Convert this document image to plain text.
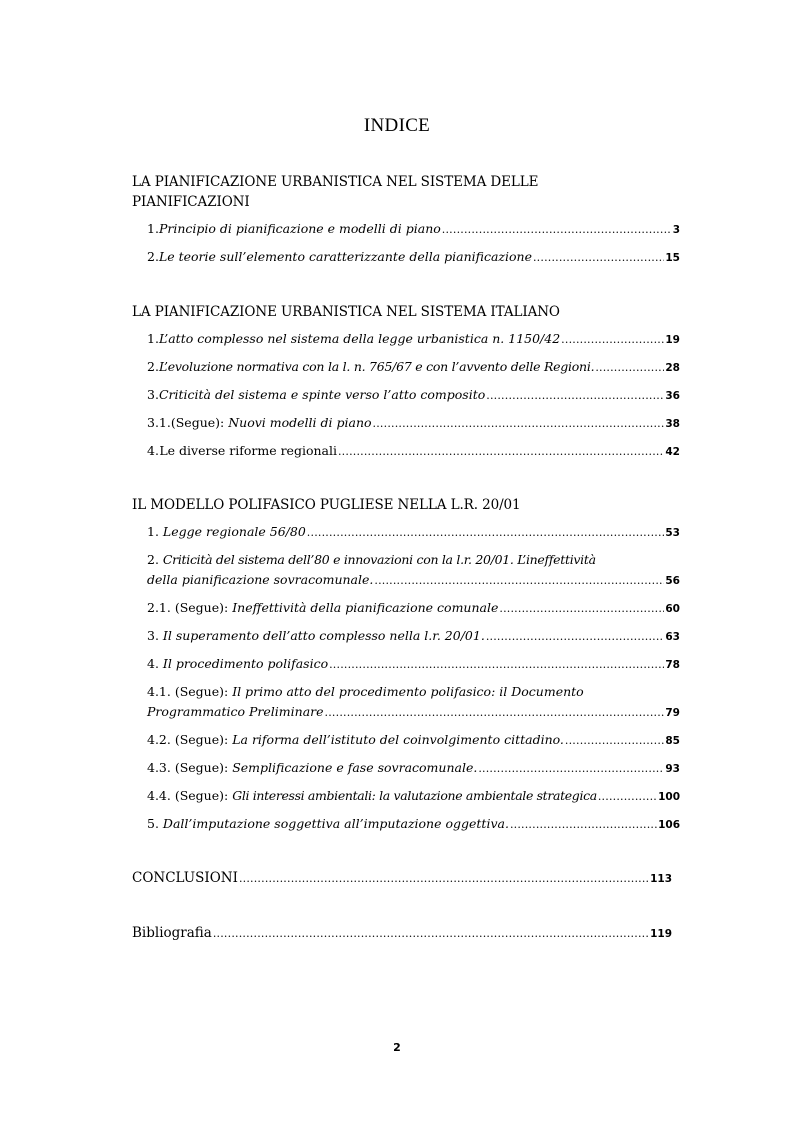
INDICE
LA PIANIFICAZIONE URBANISTICA NEL SISTEMA DELLE
PIANIFICAZIONI
1. Principio di pianificazione e modelli di piano .....	3
2. Le teorie sull’elemento caratterizzante della pianificazione .....	15
LA PIANIFICAZIONE URBANISTICA NEL SISTEMA ITALIANO
1. L’atto complesso nel sistema della legge urbanistica n. 1150/42 .....	19
2. L’evoluzione normativa con la l. n. 765/67 e con l’avvento delle Regioni. .....	28
3. Criticità del sistema e spinte verso l’atto composito .....	36
3.1. (Segue):
Nuovi modelli di piano .....	38
4. Le diverse riforme regionali .....	42
IL MODELLO POLIFASICO PUGLIESE NELLA L.R. 20/01
1.
Legge regionale 56/80 .....	53
2.
Criticità del sistema dell’80 e innovazioni con la l.r. 20/01. L’ineffettività
della pianificazione sovracomunale. .....	56
2.1.
(Segue):
Ineffettività della pianificazione comunale .....	60
3.
Il superamento dell’atto complesso nella l.r. 20/01. .....	63
4.
Il procedimento polifasico .....	78
4.1.
(Segue):
Il primo atto del procedimento polifasico: il Documento
Programmatico Preliminare .....	79
4.2.
(Segue):
La riforma dell’istituto del coinvolgimento cittadino. .....	85
4.3.
(Segue):
Semplificazione e fase sovracomunale. .....	93
4.4.
(Segue):
Gli interessi ambientali: la valutazione ambientale strategica .....	100
5.
Dall’imputazione soggettiva all’imputazione oggettiva. .....	106
CONCLUSIONI .....	113
Bibliografia .....	119
2
